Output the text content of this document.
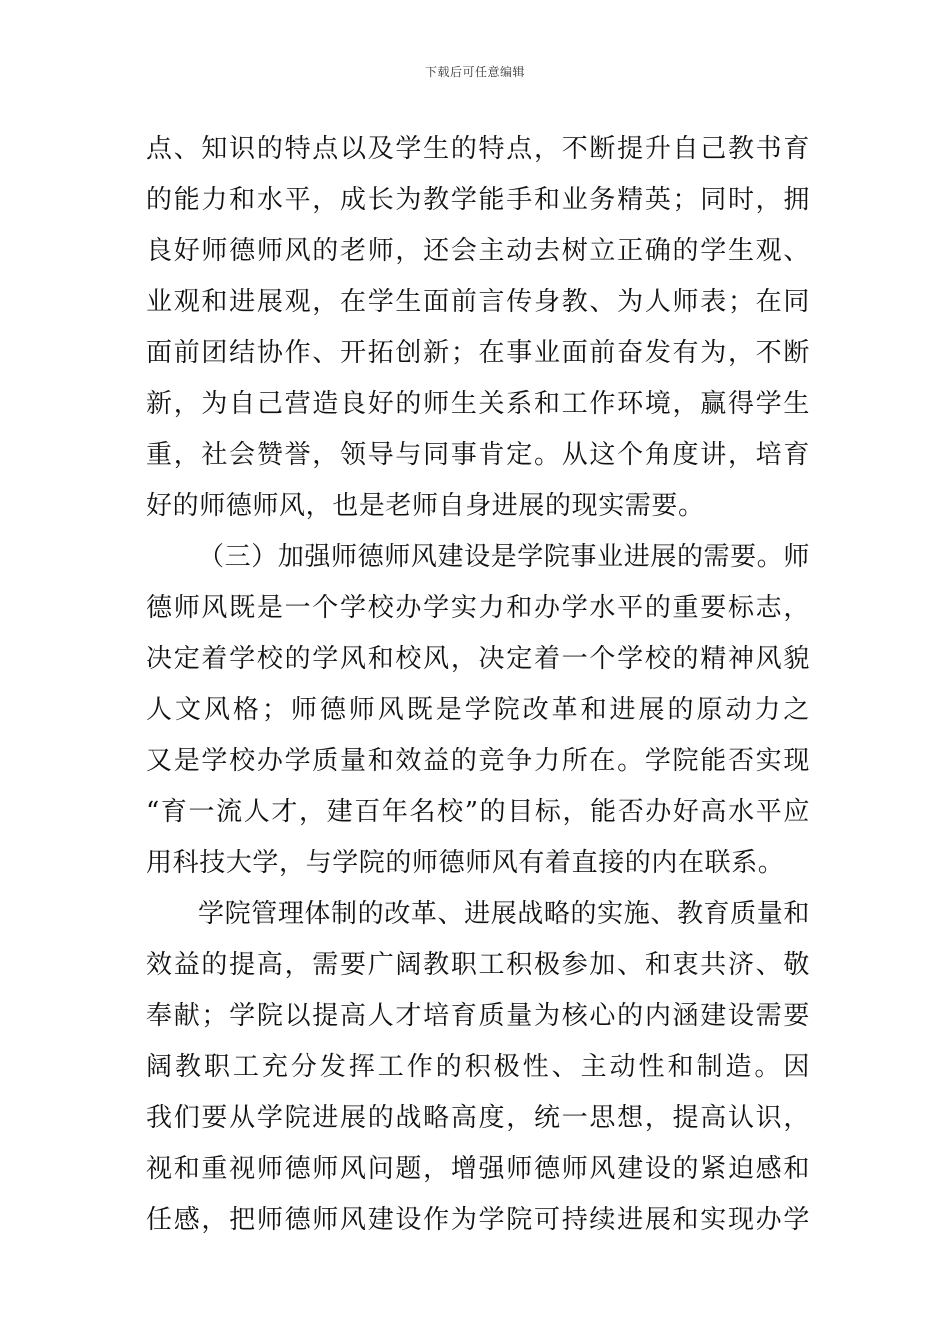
下载后可任意编辑
点、知识的特点以及学生的特点，不断提升自己教书育
的能力和水平，成长为教学能手和业务精英；同时，拥
良好师德师风的老师，还会主动去树立正确的学生观、
业观和进展观，在学生面前言传身教、为人师表；在同
面前团结协作、开拓创新；在事业面前奋发有为，不断
新，为自己营造良好的师生关系和工作环境，赢得学生
重，社会赞誉，领导与同事肯定。从这个角度讲，培育
好的师德师风，也是老师自身进展的现实需要。
（三）加强师德师风建设是学院事业进展的需要。师
德师风既是一个学校办学实力和办学水平的重要标志，
决定着学校的学风和校风，决定着一个学校的精神风貌
人文风格；师德师风既是学院改革和进展的原动力之
又是学校办学质量和效益的竞争力所在。学院能否实现
“育一流人才，建百年名校”的目标，能否办好高水平应
用科技大学，与学院的师德师风有着直接的内在联系。
学院管理体制的改革、进展战略的实施、教育质量和
效益的提高，需要广阔教职工积极参加、和衷共济、敬
奉献；学院以提高人才培育质量为核心的内涵建设需要
阔教职工充分发挥工作的积极性、主动性和制造。因
我们要从学院进展的战略高度，统一思想，提高认识，
视和重视师德师风问题，增强师德师风建设的紧迫感和
任感，把师德师风建设作为学院可持续进展和实现办学
